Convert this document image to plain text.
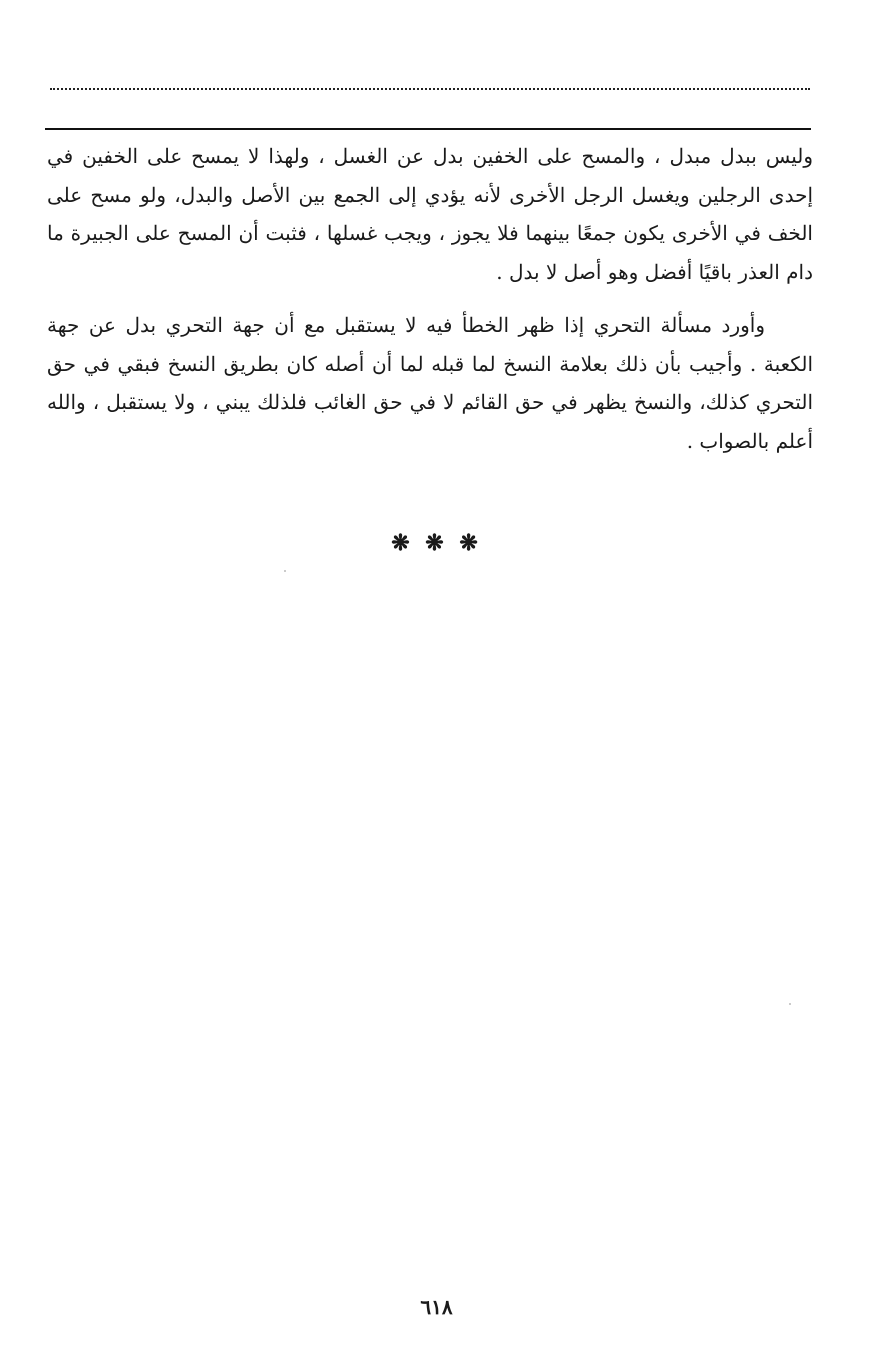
وليس ببدل مبدل ، والمسح على الخفين بدل عن الغسل ، ولهذا لا يمسح على الخفين في إحدى الرجلين ويغسل الرجل الأخرى لأنه يؤدي إلى الجمع بين الأصل والبدل، ولو مسح على الخف في الأخرى يكون جمعًا بينهما فلا يجوز ، ويجب غسلها ، فثبت أن المسح على الجبيرة ما دام العذر باقيًا أفضل وهو أصل لا بدل .

وأورد مسألة التحري إذا ظهر الخطأ فيه لا يستقبل مع أن جهة التحري بدل عن جهة الكعبة . وأجيب بأن ذلك بعلامة النسخ لما قبله لما أن أصله كان بطريق النسخ فبقي في حق التحري كذلك، والنسخ يظهر في حق القائم لا في حق الغائب فلذلك يبني ، ولا يستقبل ، والله أعلم بالصواب .

❋ ❋ ❋
٦١٨
